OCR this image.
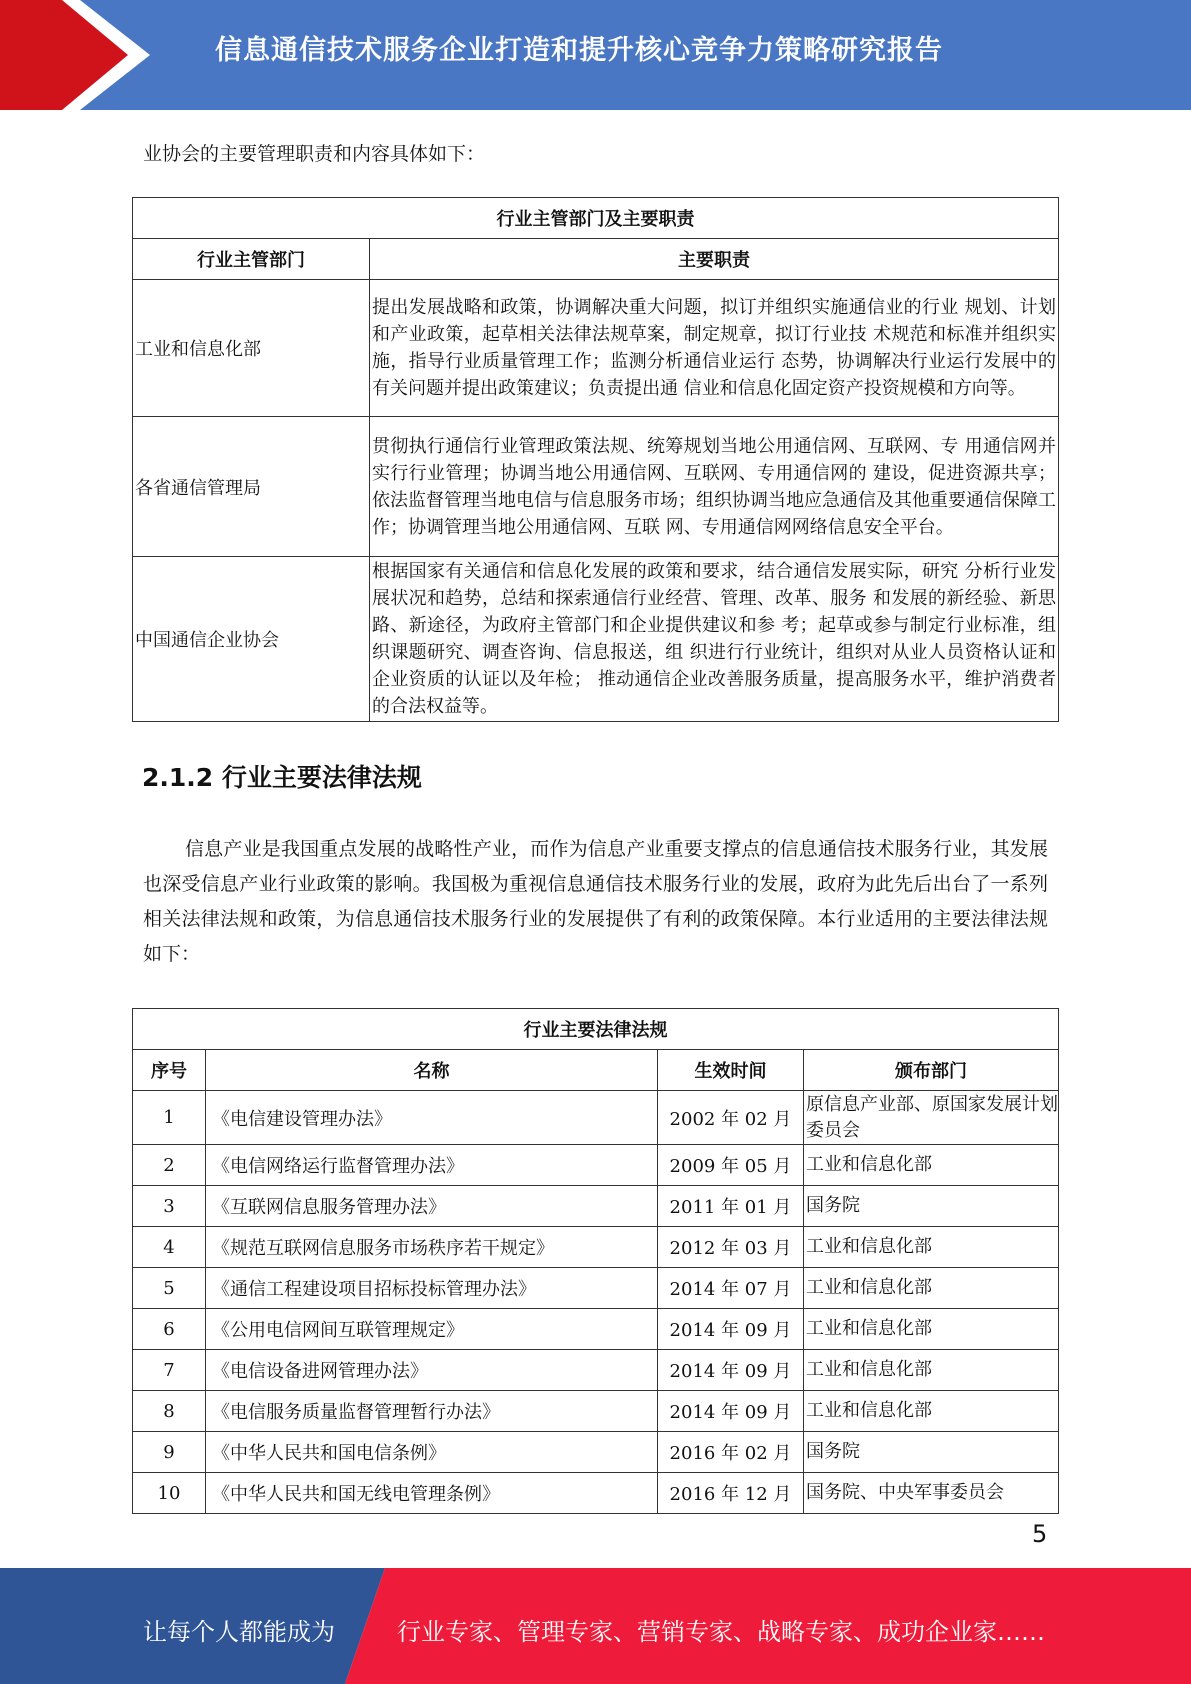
信息通信技术服务企业打造和提升核心竞争力策略研究报告
业协会的主要管理职责和内容具体如下：
行业主管部门及主要职责	
行业主管部门	主要职责
工业和信息化部	提出发展战略和政策，协调解决重大问题，拟订并组织实施通信业的行业 规划、计划和产业政策，起草相关法律法规草案，制定规章，拟订行业技 术规范和标准并组织实施，指导行业质量管理工作；监测分析通信业运行 态势，协调解决行业运行发展中的有关问题并提出政策建议；负责提出通 信业和信息化固定资产投资规模和方向等。
各省通信管理局	贯彻执行通信行业管理政策法规、统筹规划当地公用通信网、互联网、专 用通信网并实行行业管理；协调当地公用通信网、互联网、专用通信网的 建设，促进资源共享；依法监督管理当地电信与信息服务市场；组织协调当地应急通信及其他重要通信保障工作；协调管理当地公用通信网、互联 网、专用通信网网络信息安全平台。
中国通信企业协会	根据国家有关通信和信息化发展的政策和要求，结合通信发展实际，研究 分析行业发展状况和趋势，总结和探索通信行业经营、管理、改革、服务 和发展的新经验、新思路、新途径，为政府主管部门和企业提供建议和参 考；起草或参与制定行业标准，组织课题研究、调查咨询、信息报送，组 织进行行业统计，组织对从业人员资格认证和企业资质的认证以及年检； 推动通信企业改善服务质量，提高服务水平，维护消费者的合法权益等。
2.1.2 行业主要法律法规
信息产业是我国重点发展的战略性产业，而作为信息产业重要支撑点的信息通信技术服务行业，其发展也深受信息产业行业政策的影响。我国极为重视信息通信技术服务行业的发展，政府为此先后出台了一系列相关法律法规和政策，为信息通信技术服务行业的发展提供了有利的政策保障。本行业适用的主要法律法规如下：
行业主要法律法规			
序号	名称	生效时间	颁布部门
1	《电信建设管理办法》	2002 年 02 月	原信息产业部、原国家发展计划委员会
2	《电信网络运行监督管理办法》	2009 年 05 月	工业和信息化部
3	《互联网信息服务管理办法》	2011 年 01 月	国务院
4	《规范互联网信息服务市场秩序若干规定》	2012 年 03 月	工业和信息化部
5	《通信工程建设项目招标投标管理办法》	2014 年 07 月	工业和信息化部
6	《公用电信网间互联管理规定》	2014 年 09 月	工业和信息化部
7	《电信设备进网管理办法》	2014 年 09 月	工业和信息化部
8	《电信服务质量监督管理暂行办法》	2014 年 09 月	工业和信息化部
9	《中华人民共和国电信条例》	2016 年 02 月	国务院
10	《中华人民共和国无线电管理条例》	2016 年 12 月	国务院、中央军事委员会
5
让每个人都能成为	行业专家、管理专家、营销专家、战略专家、成功企业家……
